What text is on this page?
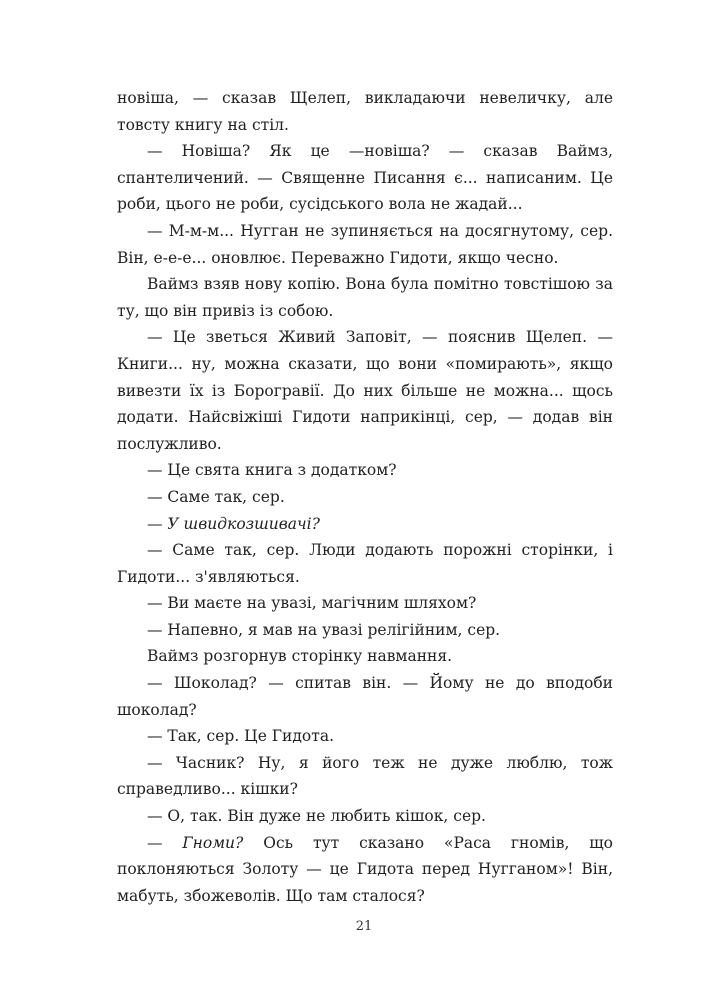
новіша, — сказав Щелеп, викладаючи невеличку, але товсту книгу на стіл.

— Новіша? Як це —новіша? — сказав Ваймз, спантеличений. — Священне Писання є... написаним. Це роби, цього не роби, сусідського вола не жадай...

— М-м-м... Нугган не зупиняється на досягнутому, сер. Він, е-е-е... оновлює. Переважно Гидоти, якщо чесно.

Ваймз взяв нову копію. Вона була помітно товстішою за ту, що він привіз із собою.

— Це зветься Живий Заповіт, — пояснив Щелеп. — Книги... ну, можна сказати, що вони «помирають», якщо вивезти їх із Борогравії. До них більше не можна... щось додати. Найсвіжіші Гидоти наприкінці, сер, — додав він послужливо.

— Це свята книга з додатком?

— Саме так, сер.

— У швидкозшивачі?

— Саме так, сер. Люди додають порожні сторінки, і Гидоти... з'являються.

— Ви маєте на увазі, магічним шляхом?

— Напевно, я мав на увазі релігійним, сер.

Ваймз розгорнув сторінку навмання.

— Шоколад? — спитав він. — Йому не до вподоби шоколад?

— Так, сер. Це Гидота.

— Часник? Ну, я його теж не дуже люблю, тож справедливо... кішки?

— О, так. Він дуже не любить кішок, сер.

— Гноми? Ось тут сказано «Раса гномів, що поклоняються Золоту — це Гидота перед Нугганом»! Він, мабуть, збожеволів. Що там сталося?

21
